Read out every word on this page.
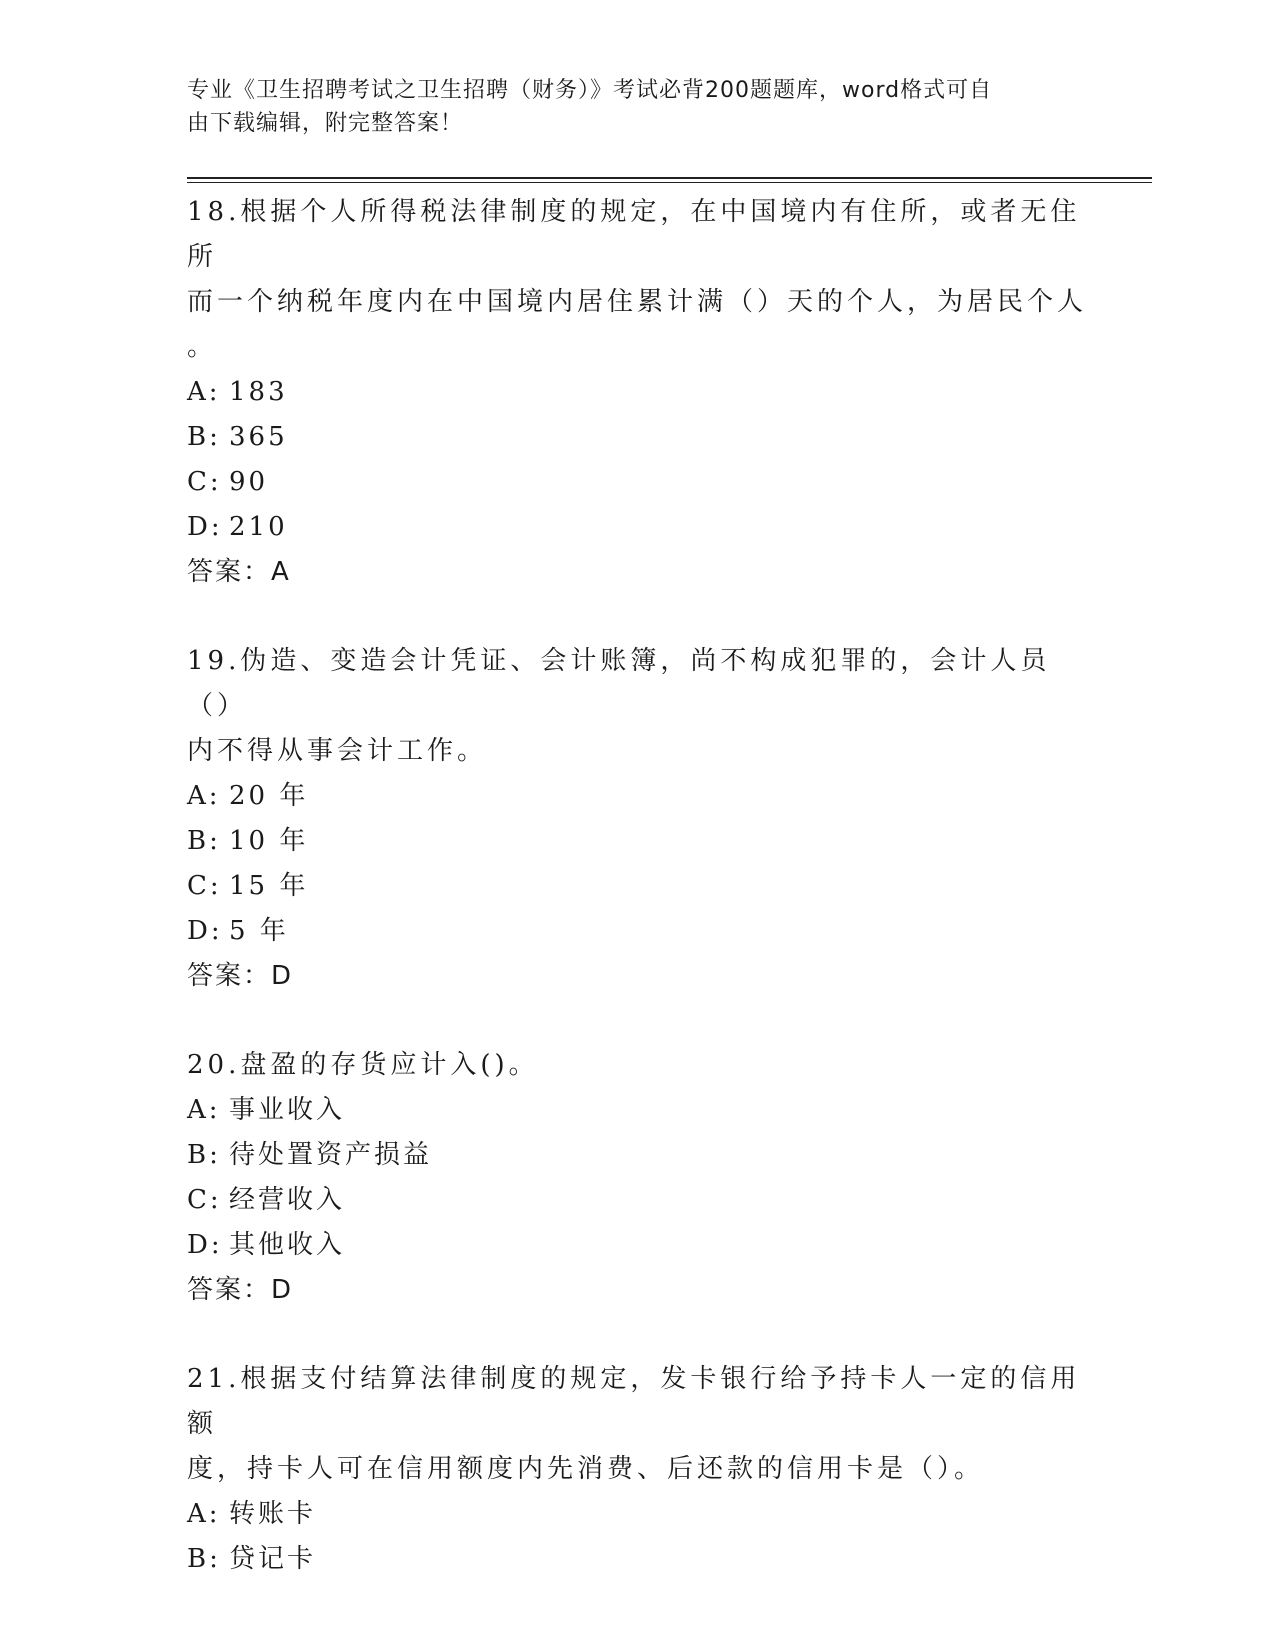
专业《卫生招聘考试之卫生招聘（财务）》考试必背200题题库，word格式可自
由下载编辑，附完整答案！
18.根据个人所得税法律制度的规定，在中国境内有住所，或者无住所
而一个纳税年度内在中国境内居住累计满（）天的个人，为居民个人
。
A: 183
B: 365
C: 90
D: 210
答案：A
19.伪造、变造会计凭证、会计账簿，尚不构成犯罪的，会计人员（）
内不得从事会计工作。
A: 20 年
B: 10 年
C: 15 年
D: 5 年
答案：D
20.盘盈的存货应计入()。
A: 事业收入
B: 待处置资产损益
C: 经营收入
D: 其他收入
答案：D
21.根据支付结算法律制度的规定，发卡银行给予持卡人一定的信用额
度，持卡人可在信用额度内先消费、后还款的信用卡是（）。
A: 转账卡
B: 贷记卡
